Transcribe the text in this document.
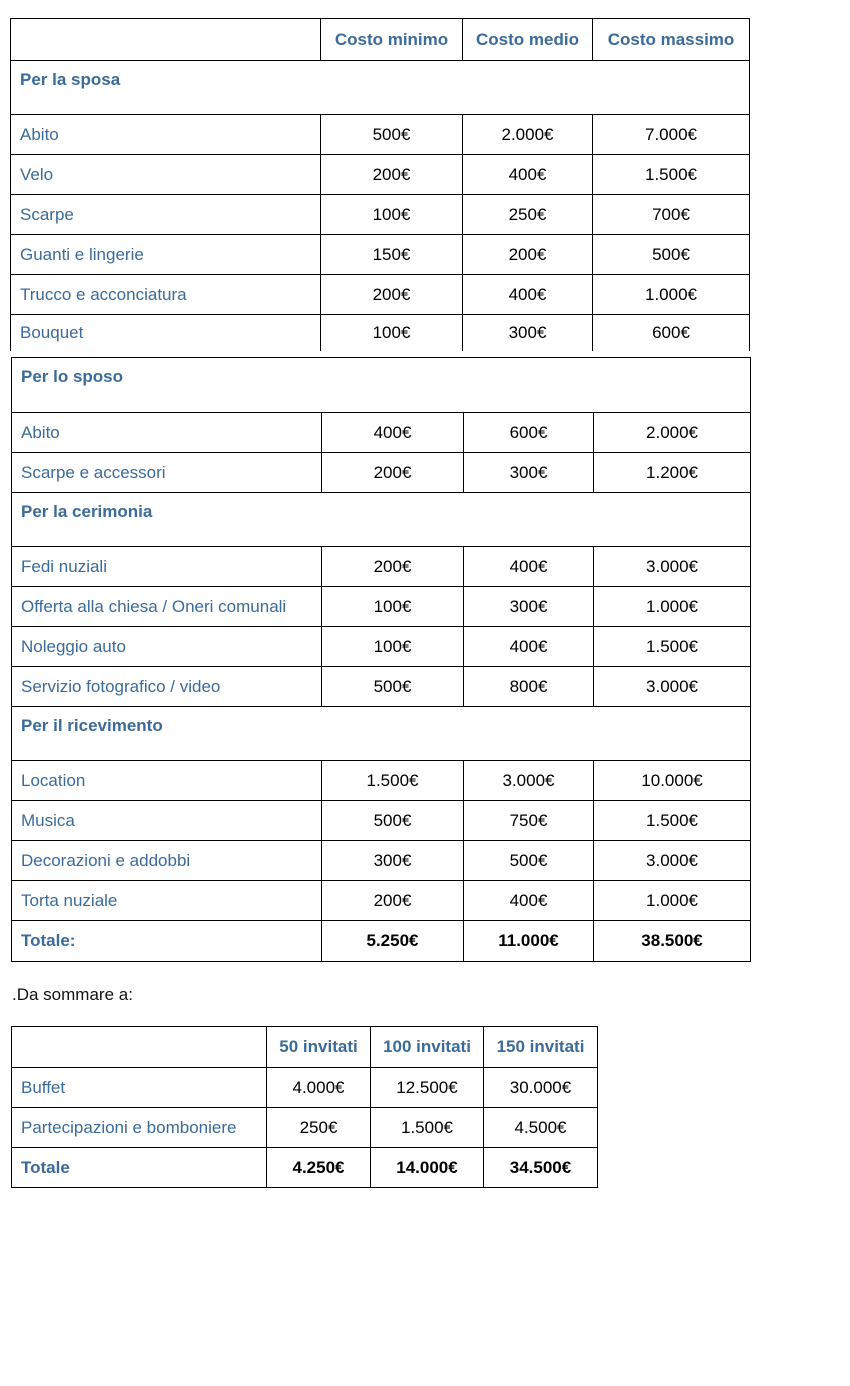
	Costo minimo	Costo medio	Costo massimo
Per la sposa			
Abito	500€	2.000€	7.000€
Velo	200€	400€	1.500€
Scarpe	100€	250€	700€
Guanti e lingerie	150€	200€	500€
Trucco e acconciatura	200€	400€	1.000€
Bouquet	100€	300€	600€
Per lo sposo			
Abito	400€	600€	2.000€
Scarpe e accessori	200€	300€	1.200€
Per la cerimonia			
Fedi nuziali	200€	400€	3.000€
Offerta alla chiesa / Oneri comunali	100€	300€	1.000€
Noleggio auto	100€	400€	1.500€
Servizio fotografico / video	500€	800€	3.000€
Per il ricevimento			
Location	1.500€	3.000€	10.000€
Musica	500€	750€	1.500€
Decorazioni e addobbi	300€	500€	3.000€
Torta nuziale	200€	400€	1.000€
Totale:	5.250€	11.000€	38.500€
.Da sommare a:
	50 invitati	100 invitati	150 invitati
Buffet	4.000€	12.500€	30.000€
Partecipazioni e bomboniere	250€	1.500€	4.500€
Totale	4.250€	14.000€	34.500€
